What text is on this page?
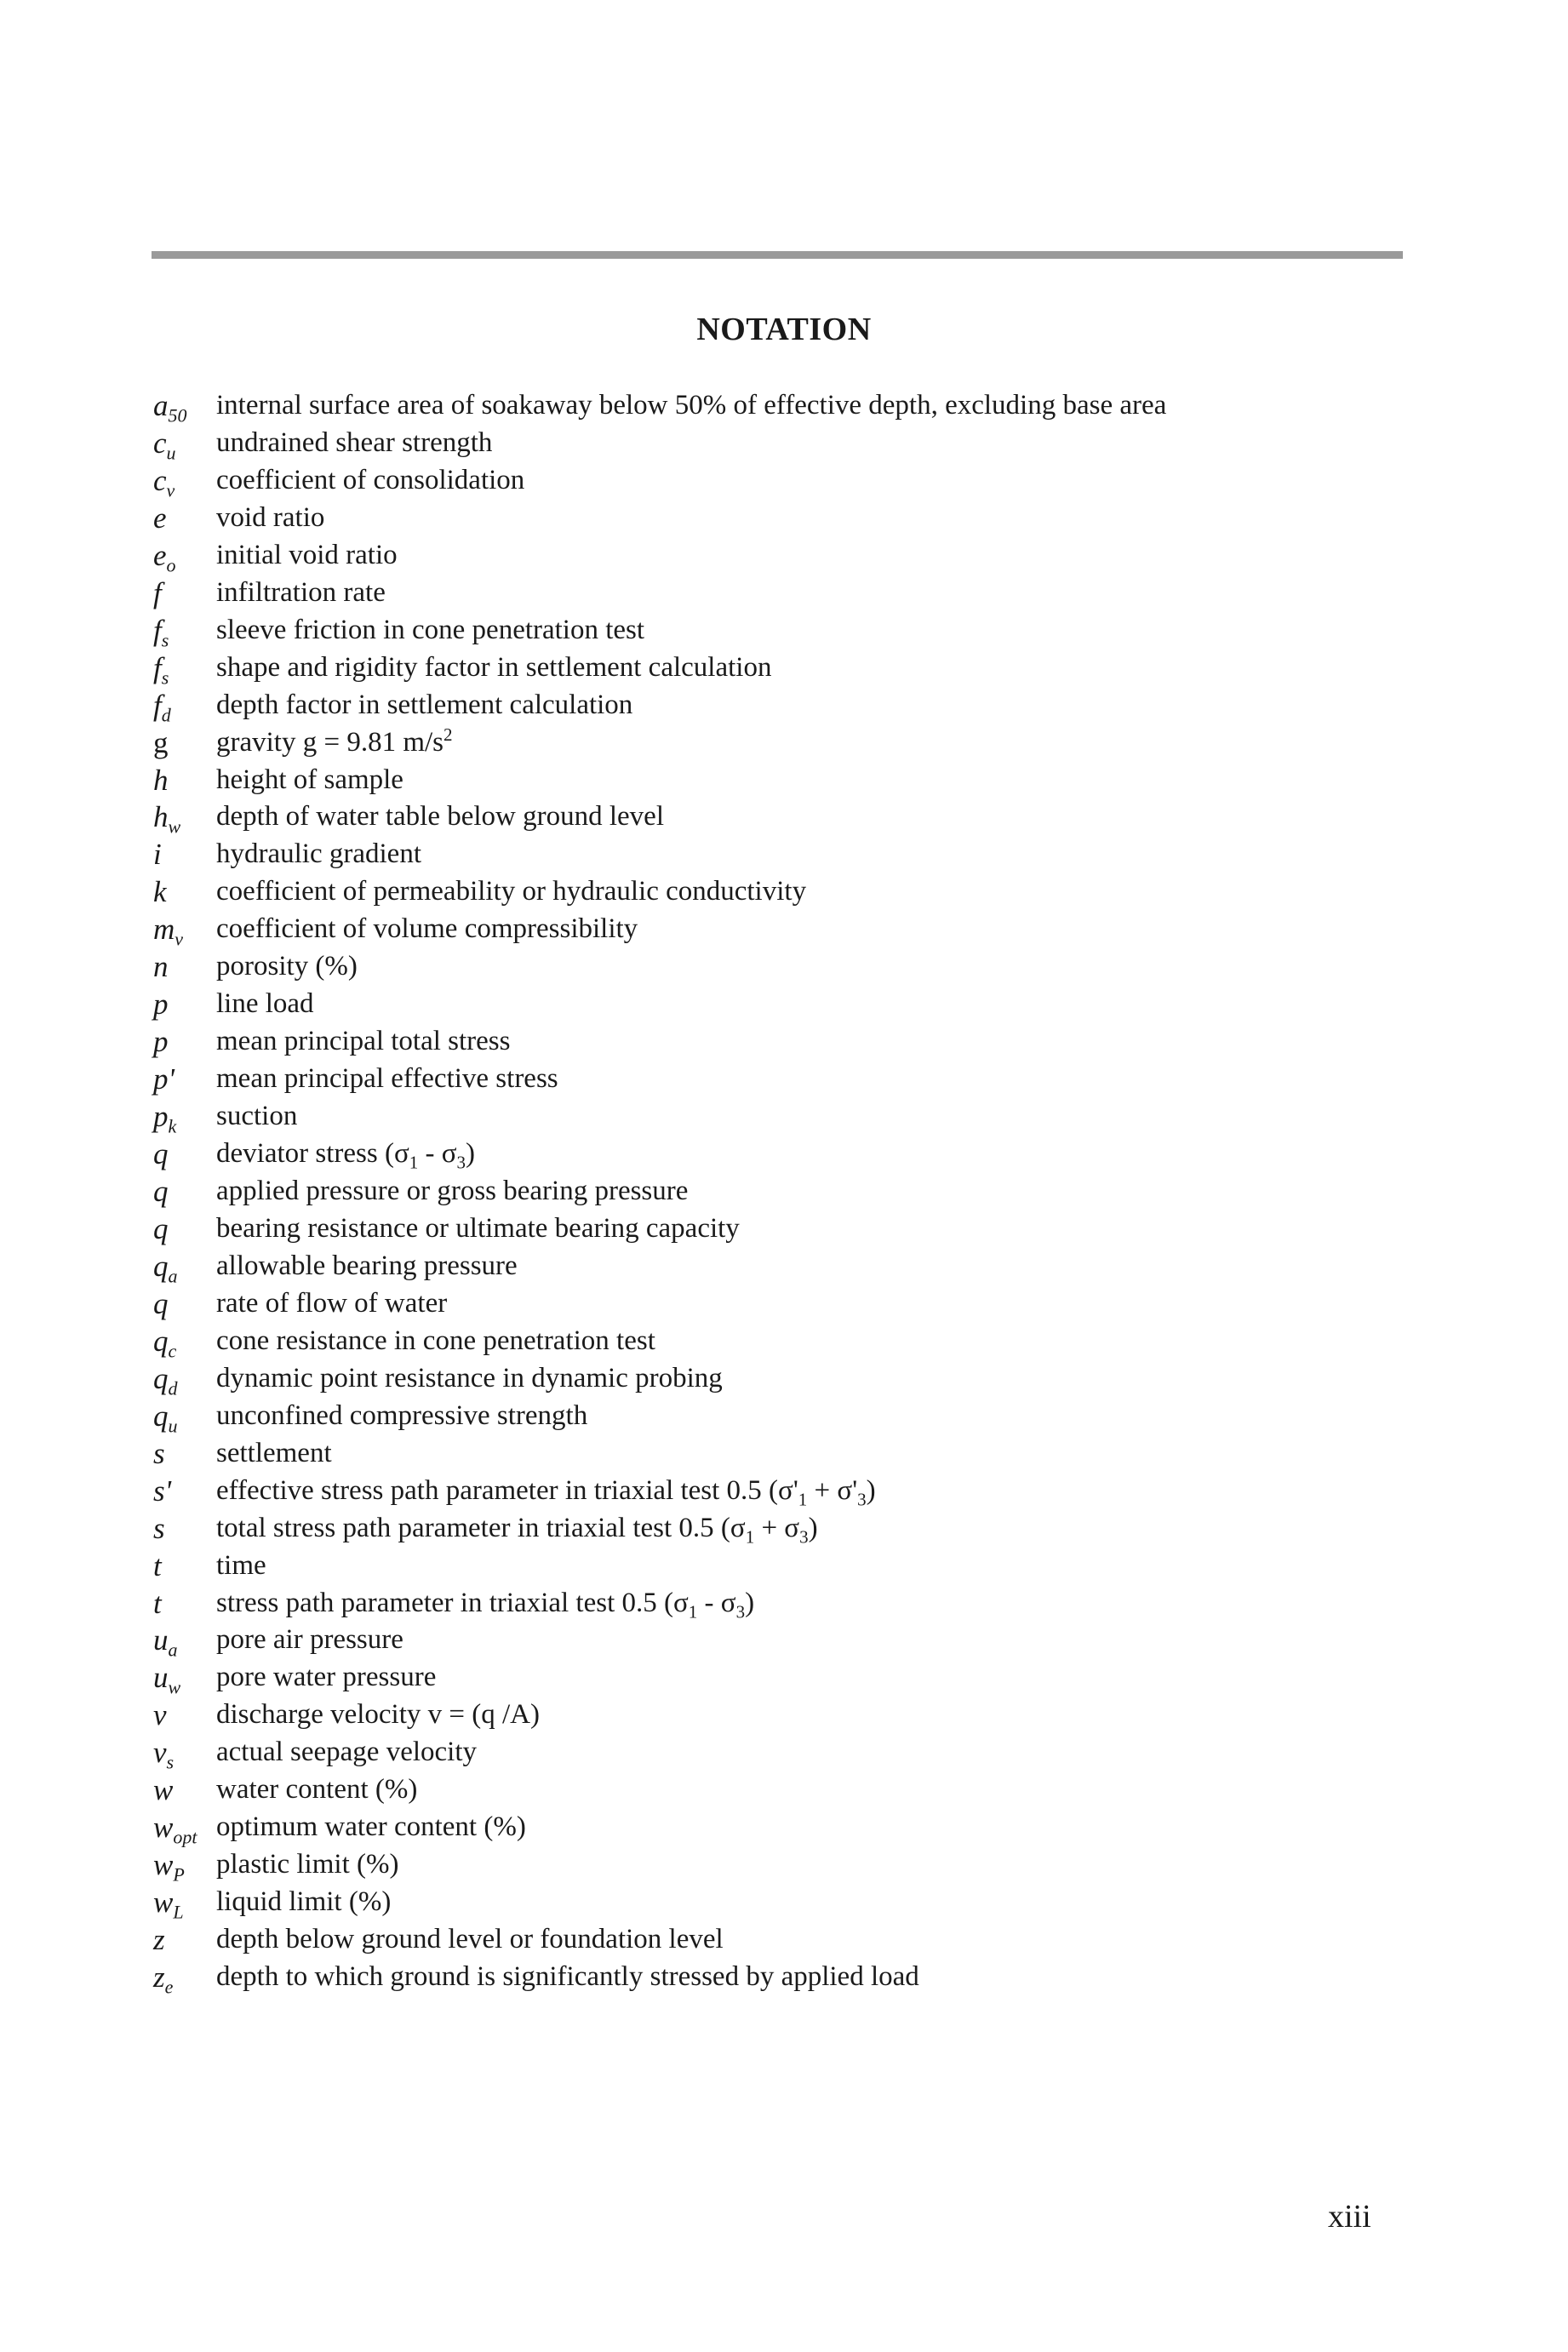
NOTATION
$a_{50}$	internal surface area of soakaway below 50% of effective depth, excluding base area
$c_u$	undrained shear strength
$c_v$	coefficient of consolidation
e	void ratio
$e_o$	initial void ratio
f	infiltration rate
$f_s$	sleeve friction in cone penetration test
$f_s$	shape and rigidity factor in settlement calculation
$f_d$	depth factor in settlement calculation
g	gravity g = 9.81 $m/s^2$
h	height of sample
$h_w$	depth of water table below ground level
i	hydraulic gradient
k	coefficient of permeability or hydraulic conductivity
$m_v$	coefficient of volume compressibility
n	porosity (%)
p	line load
p	mean principal total stress
p'	mean principal effective stress
$p_k$	suction
q	deviator stress $(\sigma_1 - \sigma_3)$
q	applied pressure or gross bearing pressure
q	bearing resistance or ultimate bearing capacity
$q_a$	allowable bearing pressure
q	rate of flow of water
$q_c$	cone resistance in cone penetration test
$q_d$	dynamic point resistance in dynamic probing
$q_u$	unconfined compressive strength
s	settlement
s'	effective stress path parameter in triaxial test 0.5 $(\sigma'_1 + \sigma'_3)$
s	total stress path parameter in triaxial test 0.5 $(\sigma_1 + \sigma_3)$
t	time
t	stress path parameter in triaxial test 0.5 $(\sigma_1 - \sigma_3)$
$u_a$	pore air pressure
$u_w$	pore water pressure
v	discharge velocity v = (q /A)
$v_s$	actual seepage velocity
w	water content (%)
$w_{opt}$ optimum water content (%)
$w_P$	plastic limit (%)
$w_L$	liquid limit (%)
z	depth below ground level or foundation level
$z_e$	depth to which ground is significantly stressed by applied load
xiii
